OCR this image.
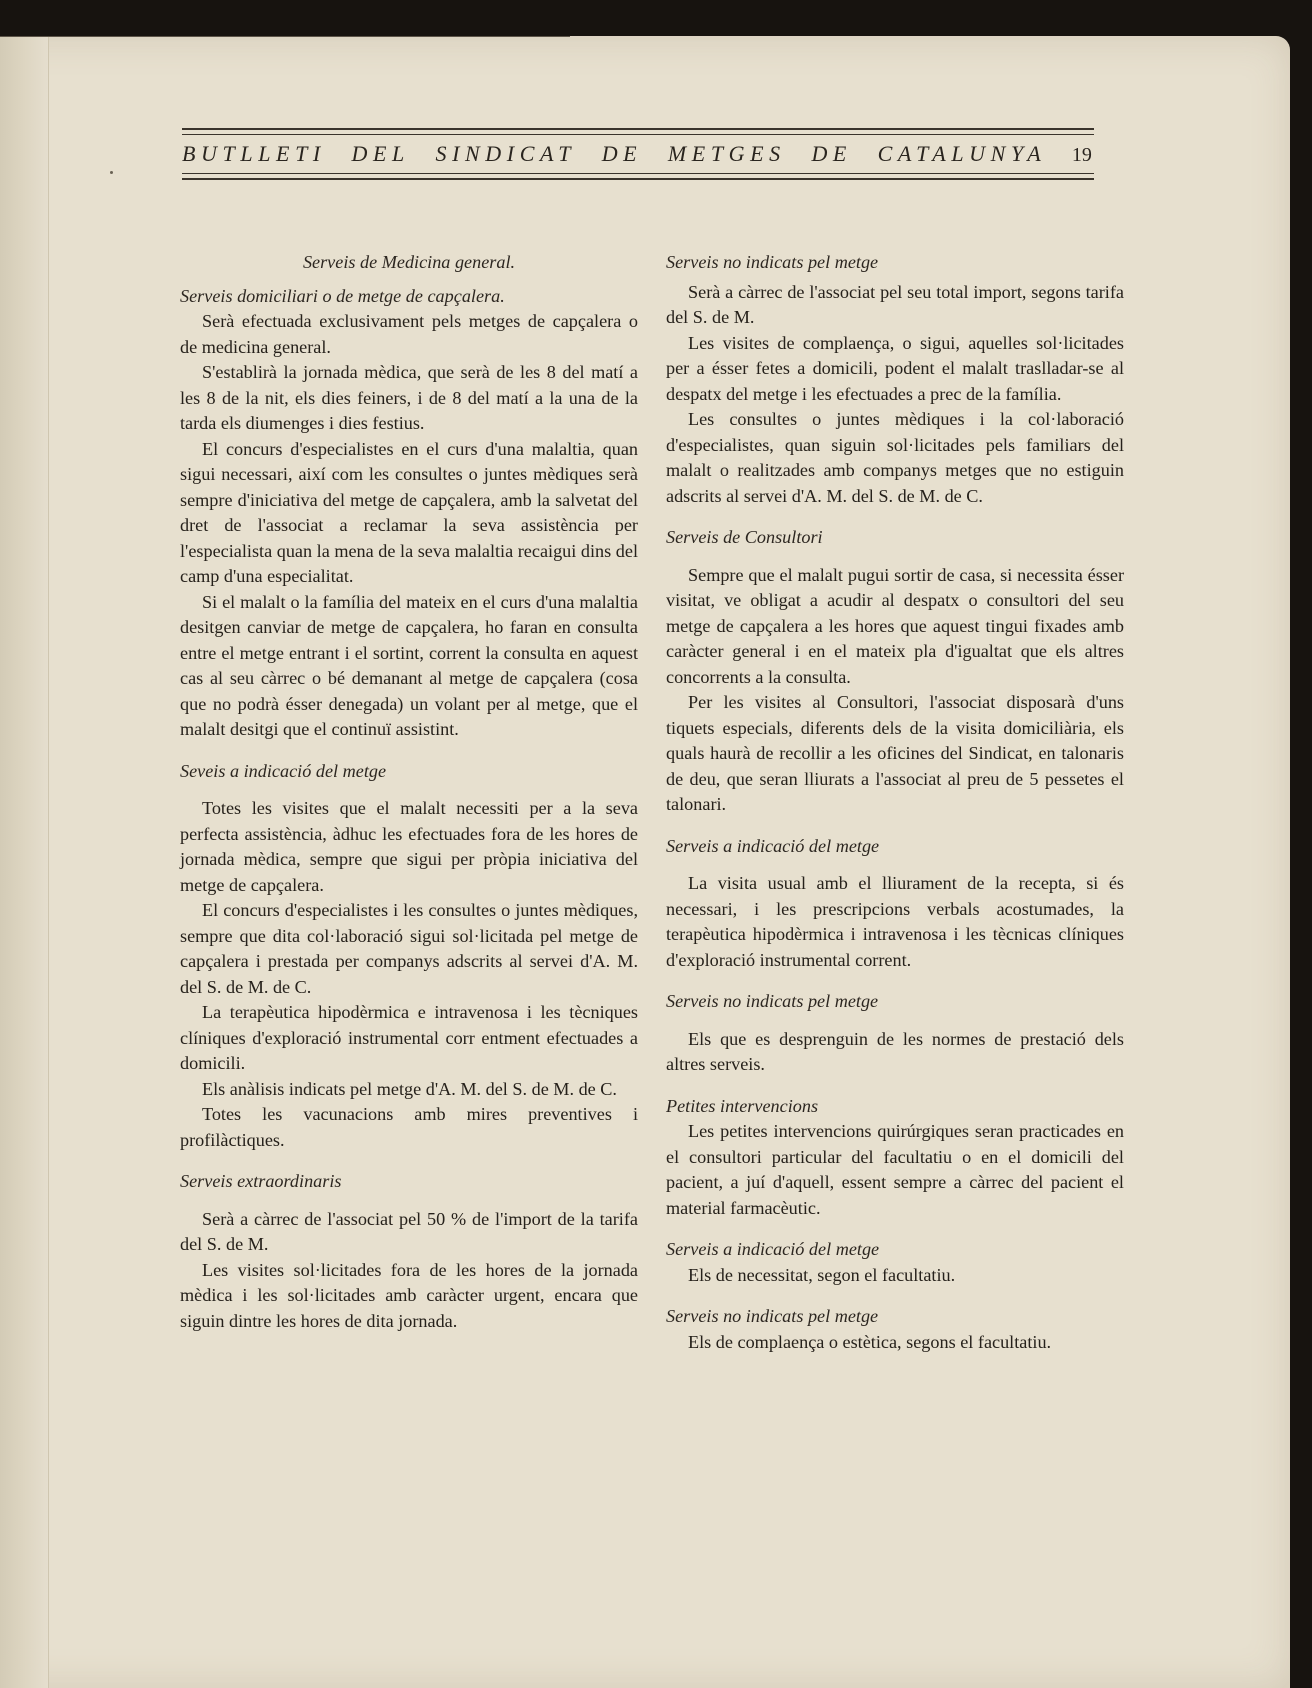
BUTLLETI DEL SINDICAT DE METGES DE CATALUNYA 19
Serveis de Medicina general.
Serveis domiciliari o de metge de capçalera.

Serà efectuada exclusivament pels metges de capçalera o de medicina general.

S'establirà la jornada mèdica, que serà de les 8 del matí a les 8 de la nit, els dies feiners, i de 8 del matí a la una de la tarda els diumenges i dies festius.

El concurs d'especialistes en el curs d'una malaltia, quan sigui necessari, així com les consultes o juntes mèdiques serà sempre d'iniciativa del metge de capçalera, amb la salvetat del dret de l'associat a reclamar la seva assistència per l'especialista quan la mena de la seva malaltia recaigui dins del camp d'una especialitat.

Si el malalt o la família del mateix en el curs d'una malaltia desitgen canviar de metge de capçalera, ho faran en consulta entre el metge entrant i el sortint, corrent la consulta en aquest cas al seu càrrec o bé demanant al metge de capçalera (cosa que no podrà ésser denegada) un volant per al metge, que el malalt desitgi que el continuï assistint.

Seveis a indicació del metge

Totes les visites que el malalt necessiti per a la seva perfecta assistència, àdhuc les efectuades fora de les hores de jornada mèdica, sempre que sigui per pròpia iniciativa del metge de capçalera.

El concurs d'especialistes i les consultes o juntes mèdiques, sempre que dita col·laboració sigui sol·licitada pel metge de capçalera i prestada per companys adscrits al servei d'A. M. del S. de M. de C.

La terapèutica hipodèrmica e intravenosa i les tècniques clíniques d'exploració instrumental corr entment efectuades a domicili.

Els anàlisis indicats pel metge d'A. M. del S. de M. de C.

Totes les vacunacions amb mires preventives i profilàctiques.

Serveis extraordinaris

Serà a càrrec de l'associat pel 50 % de l'import de la tarifa del S. de M.

Les visites sol·licitades fora de les hores de la jornada mèdica i les sol·licitades amb caràcter urgent, encara que siguin dintre les hores de dita jornada.

Serveis no indicats pel metge

Serà a càrrec de l'associat pel seu total import, segons tarifa del S. de M.

Les visites de complaença, o sigui, aquelles sol·licitades per a ésser fetes a domicili, podent el malalt traslladar-se al despatx del metge i les efectuades a prec de la família.

Les consultes o juntes mèdiques i la col·laboració d'especialistes, quan siguin sol·licitades pels familiars del malalt o realitzades amb companys metges que no estiguin adscrits al servei d'A. M. del S. de M. de C.

Serveis de Consultori

Sempre que el malalt pugui sortir de casa, si necessita ésser visitat, ve obligat a acudir al despatx o consultori del seu metge de capçalera a les hores que aquest tingui fixades amb caràcter general i en el mateix pla d'igualtat que els altres concorrents a la consulta.

Per les visites al Consultori, l'associat disposarà d'uns tiquets especials, diferents dels de la visita domiciliària, els quals haurà de recollir a les oficines del Sindicat, en talonaris de deu, que seran lliurats a l'associat al preu de 5 pessetes el talonari.

Serveis a indicació del metge

La visita usual amb el lliurament de la recepta, si és necessari, i les prescripcions verbals acostumades, la terapèutica hipodèrmica i intravenosa i les tècnicas clíniques d'exploració instrumental corrent.

Serveis no indicats pel metge

Els que es desprenguin de les normes de prestació dels altres serveis.

Petites intervencions

Les petites intervencions quirúrgiques seran practicades en el consultori particular del facultatiu o en el domicili del pacient, a juí d'aquell, essent sempre a càrrec del pacient el material farmacèutic.

Serveis a indicació del metge

Els de necessitat, segon el facultatiu.

Serveis no indicats pel metge

Els de complaença o estètica, segons el facultatiu.
